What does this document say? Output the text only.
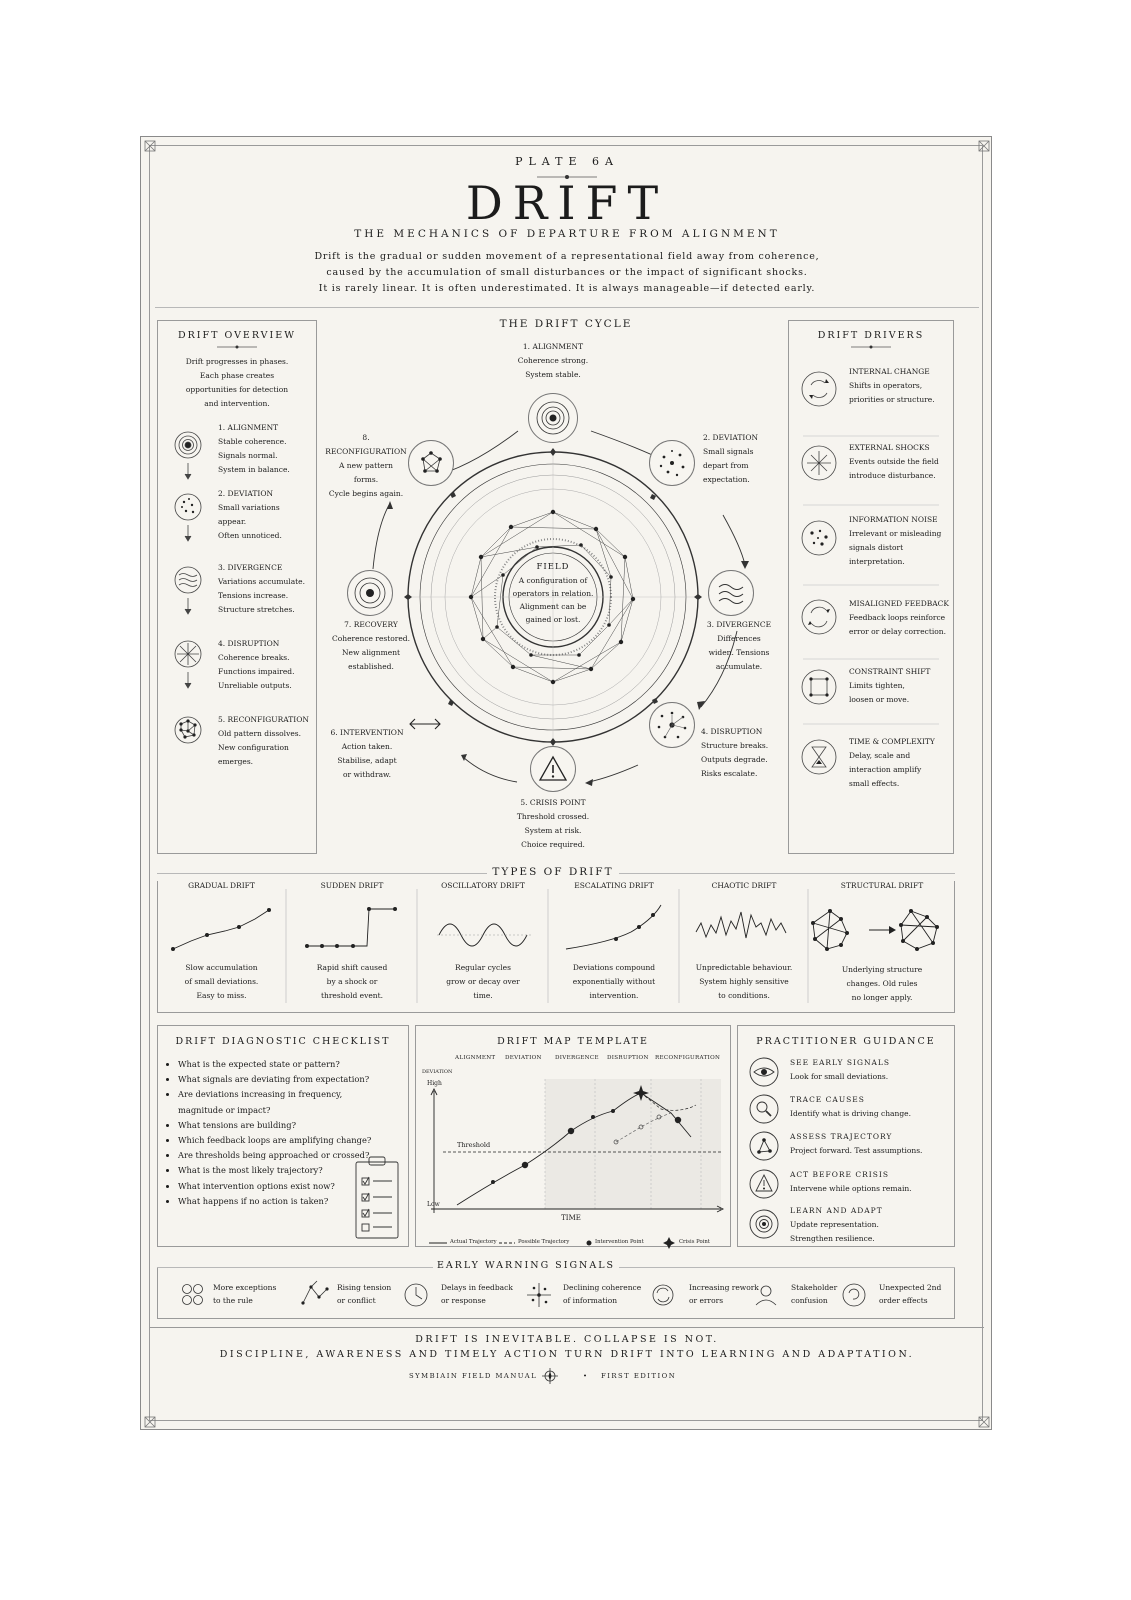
PLATE 6A
DRIFT
THE MECHANICS OF DEPARTURE FROM ALIGNMENT
Drift is the gradual or sudden movement of a representational field away from coherence,
caused by the accumulation of small disturbances or the impact of significant shocks.
It is rarely linear. It is often underestimated. It is always manageable—if detected early.
DRIFT OVERVIEW
Drift progresses in phases.
Each phase creates
opportunities for detection
and intervention.
1. ALIGNMENT
Stable coherence.
Signals normal.
System in balance.
2. DEVIATION
Small variations
appear.
Often unnoticed.
3. DIVERGENCE
Variations accumulate.
Tensions increase.
Structure stretches.
4. DISRUPTION
Coherence breaks.
Functions impaired.
Unreliable outputs.
5. RECONFIGURATION
Old pattern dissolves.
New configuration
emerges.
THE DRIFT CYCLE
1. ALIGNMENT
Coherence strong.
System stable.
2. DEVIATION
Small signals
depart from
expectation.
3. DIVERGENCE
Differences
widen. Tensions
accumulate.
4. DISRUPTION
Structure breaks.
Outputs degrade.
Risks escalate.
5. CRISIS POINT
Threshold crossed.
System at risk.
Choice required.
6. INTERVENTION
Action taken.
Stabilise, adapt
or withdraw.
7. RECOVERY
Coherence restored.
New alignment
established.
8. RECONFIGURATION
A new pattern
forms.
Cycle begins again.
FIELD
A configuration of
operators in relation.
Alignment can be
gained or lost.
DRIFT DRIVERS
INTERNAL CHANGE
Shifts in operators,
priorities or structure.
EXTERNAL SHOCKS
Events outside the field
introduce disturbance.
INFORMATION NOISE
Irrelevant or misleading
signals distort
interpretation.
MISALIGNED FEEDBACK
Feedback loops reinforce
error or delay correction.
CONSTRAINT SHIFT
Limits tighten,
loosen or move.
TIME & COMPLEXITY
Delay, scale and
interaction amplify
small effects.
TYPES OF DRIFT
GRADUAL DRIFT	SUDDEN DRIFT	OSCILLATORY DRIFT	ESCALATING DRIFT	CHAOTIC DRIFT	STRUCTURAL DRIFT
Slow accumulation
of small deviations.
Easy to miss.
Rapid shift caused
by a shock or
threshold event.
Regular cycles
grow or decay over
time.
Deviations compound
exponentially without
intervention.
Unpredictable behaviour.
System highly sensitive
to conditions.
Underlying structure
changes. Old rules
no longer apply.
DRIFT DIAGNOSTIC CHECKLIST
• What is the expected state or pattern?
• What signals are deviating from expectation?
• Are deviations increasing in frequency,
magnitude or impact?
• What tensions are building?
• Which feedback loops are amplifying change?
• Are thresholds being approached or crossed?
• What is the most likely trajectory?
• What intervention options exist now?
• What happens if no action is taken?
DRIFT MAP TEMPLATE
ALIGNMENT DEVIATION DIVERGENCE DISRUPTION RECONFIGURATION
DEVIATION
High
Low
Threshold
TIME
Actual Trajectory	Possible Trajectory	Intervention Point	Crisis Point
PRACTITIONER GUIDANCE
SEE EARLY SIGNALS
Look for small deviations.
TRACE CAUSES
Identify what is driving change.
ASSESS TRAJECTORY
Project forward. Test assumptions.
ACT BEFORE CRISIS
Intervene while options remain.
LEARN AND ADAPT
Update representation.
Strengthen resilience.
EARLY WARNING SIGNALS
More exceptions
to the rule
Rising tension
or conflict
Delays in feedback
or response
Declining coherence
of information
Increasing rework
or errors
Stakeholder
confusion
Unexpected 2nd
order effects
DRIFT IS INEVITABLE. COLLAPSE IS NOT.
DISCIPLINE, AWARENESS AND TIMELY ACTION TURN DRIFT INTO LEARNING AND ADAPTATION.
SYMBIAIN FIELD MANUAL	• FIRST EDITION
